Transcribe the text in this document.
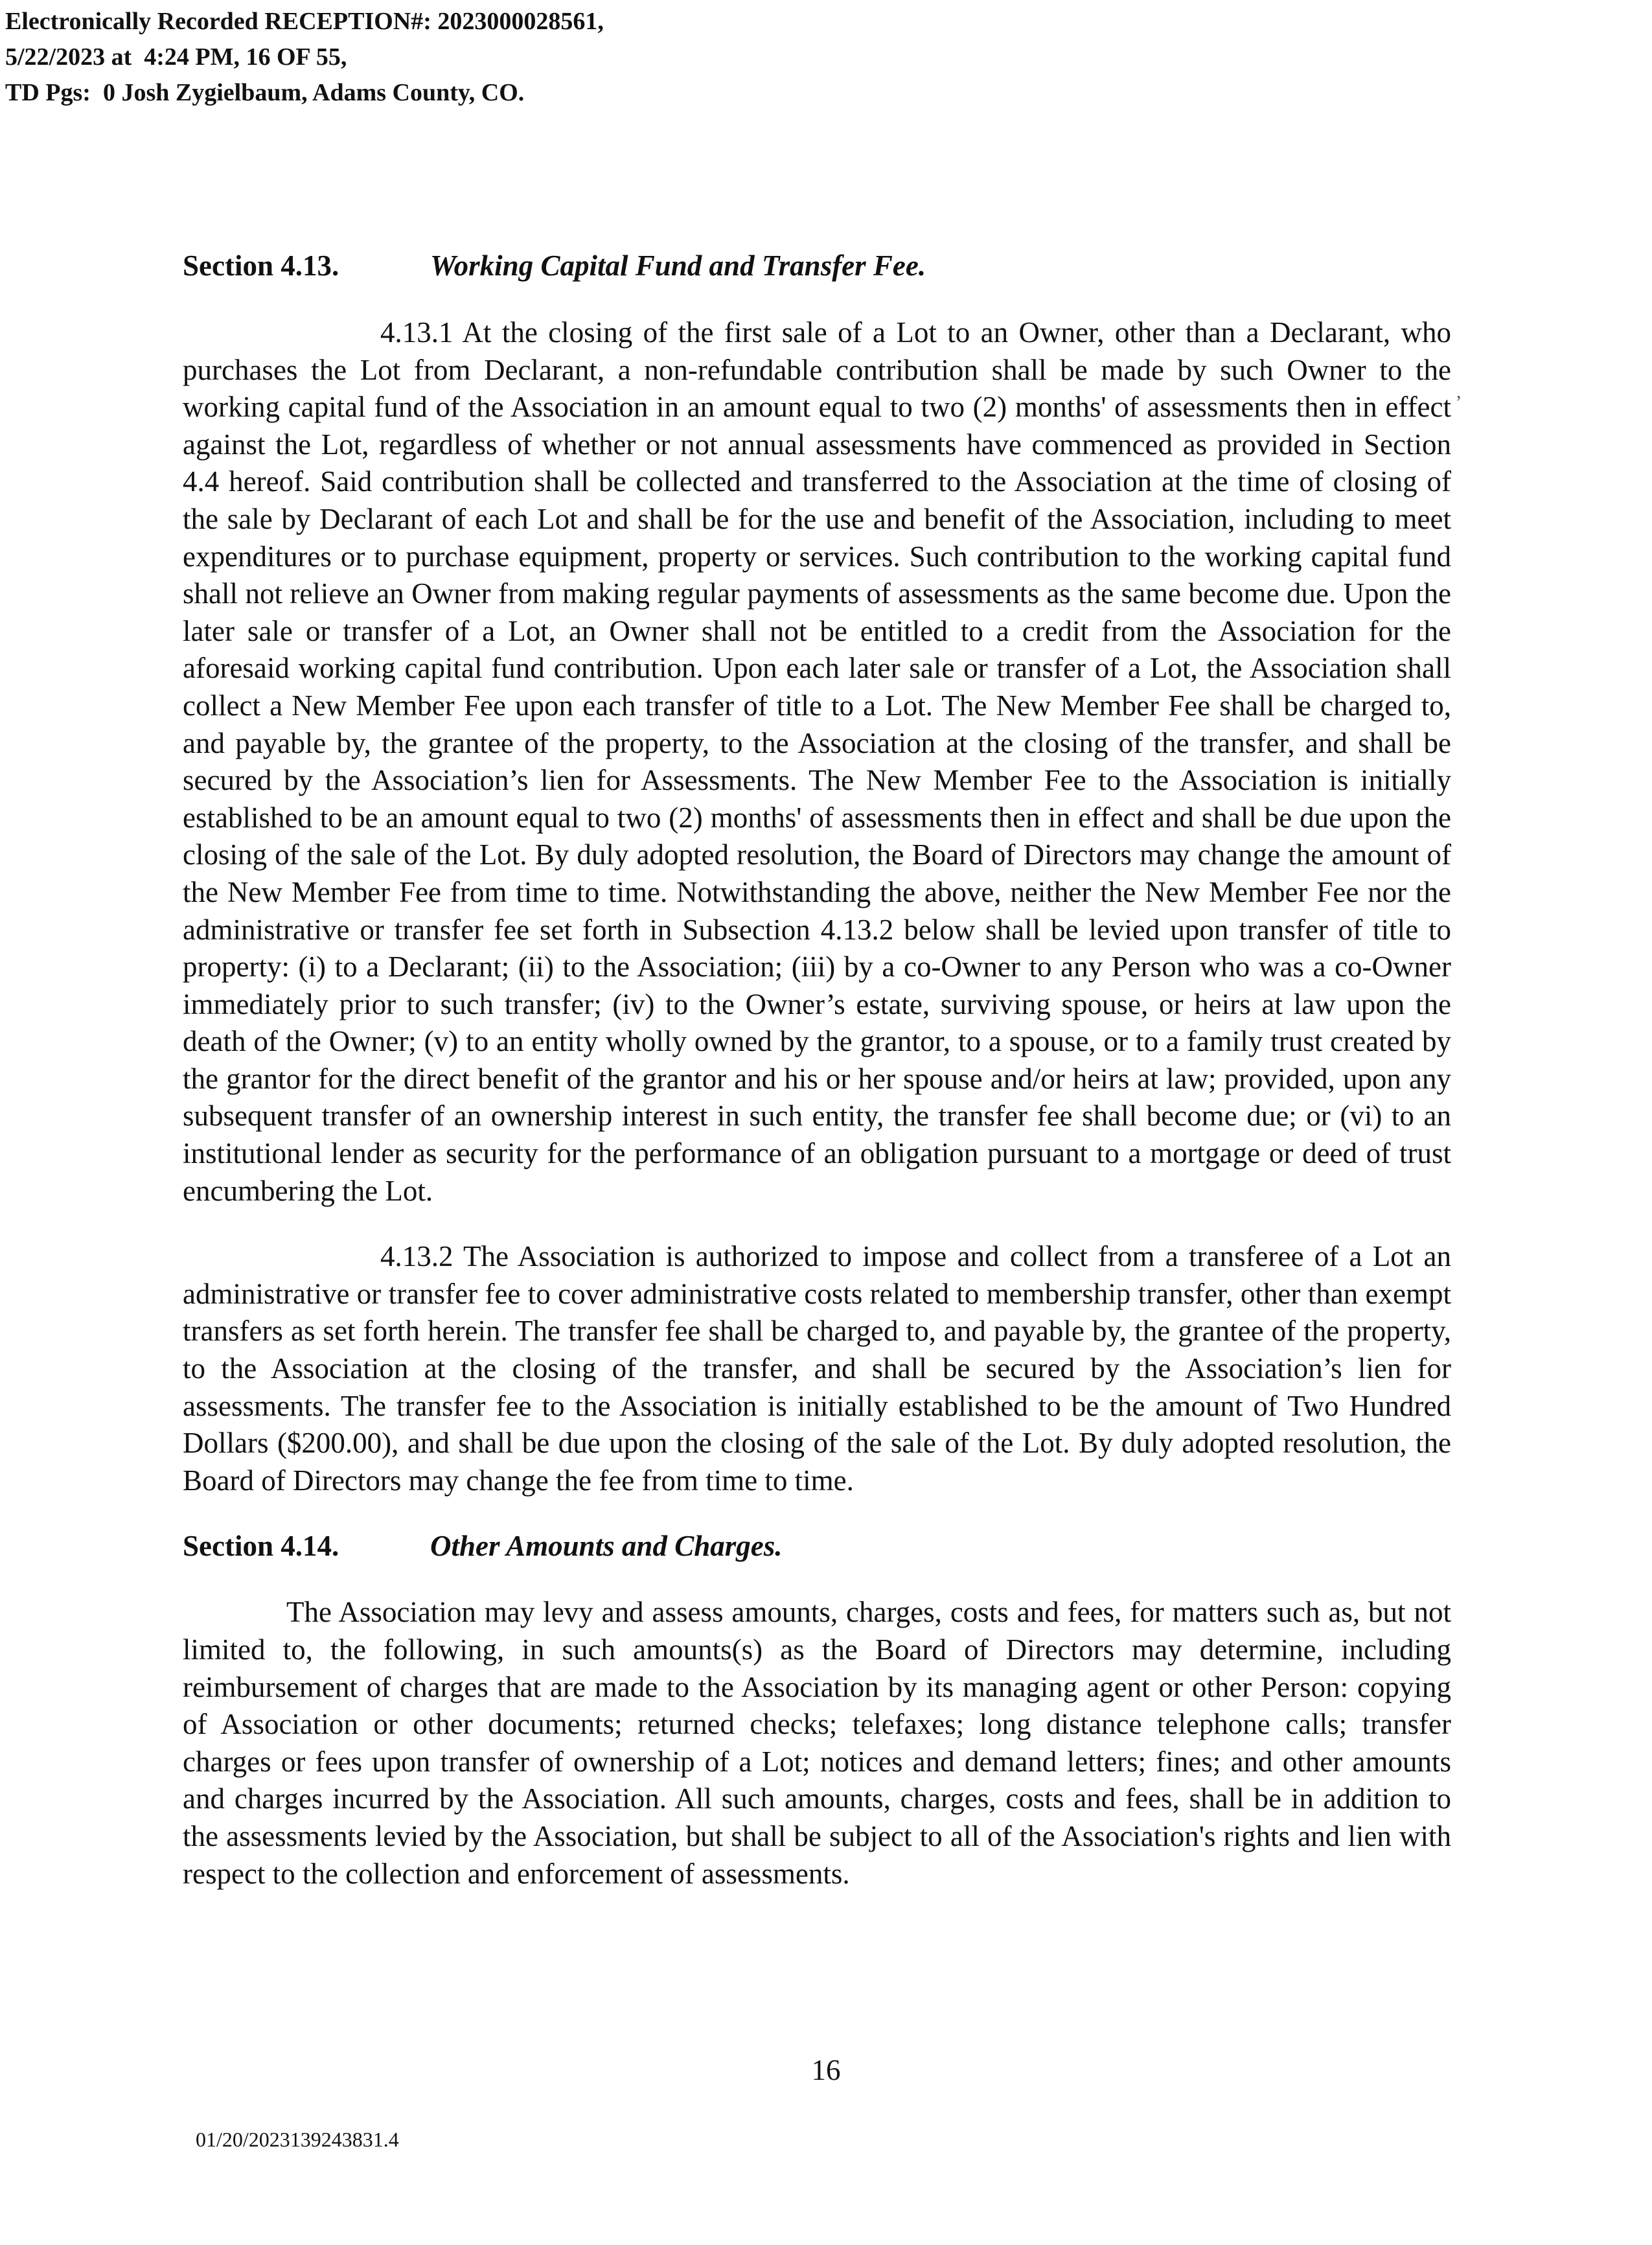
Electronically Recorded RECEPTION#: 2023000028561,
5/22/2023 at  4:24 PM, 16 OF 55,
TD Pgs:  0 Josh Zygielbaum, Adams County, CO.
,
Section 4.13.	Working Capital Fund and Transfer Fee.

4.13.1 At the closing of the first sale of a Lot to an Owner, other than a Declarant, who purchases the Lot from Declarant, a non-refundable contribution shall be made by such Owner to the working capital fund of the Association in an amount equal to two (2) months' of assessments then in effect against the Lot, regardless of whether or not annual assessments have commenced as provided in Section 4.4 hereof. Said contribution shall be collected and transferred to the Association at the time of closing of the sale by Declarant of each Lot and shall be for the use and benefit of the Association, including to meet expenditures or to purchase equipment, property or services. Such contribution to the working capital fund shall not relieve an Owner from making regular payments of assessments as the same become due. Upon the later sale or transfer of a Lot, an Owner shall not be entitled to a credit from the Association for the aforesaid working capital fund contribution. Upon each later sale or transfer of a Lot, the Association shall collect a New Member Fee upon each transfer of title to a Lot. The New Member Fee shall be charged to, and payable by, the grantee of the property, to the Association at the closing of the transfer, and shall be secured by the Association’s lien for Assessments. The New Member Fee to the Association is initially established to be an amount equal to two (2) months' of assessments then in effect and shall be due upon the closing of the sale of the Lot. By duly adopted resolution, the Board of Directors may change the amount of the New Member Fee from time to time. Notwithstanding the above, neither the New Member Fee nor the administrative or transfer fee set forth in Subsection 4.13.2 below shall be levied upon transfer of title to property: (i) to a Declarant; (ii) to the Association; (iii) by a co-Owner to any Person who was a co-Owner immediately prior to such transfer; (iv) to the Owner’s estate, surviving spouse, or heirs at law upon the death of the Owner; (v) to an entity wholly owned by the grantor, to a spouse, or to a family trust created by the grantor for the direct benefit of the grantor and his or her spouse and/or heirs at law; provided, upon any subsequent transfer of an ownership interest in such entity, the transfer fee shall become due; or (vi) to an institutional lender as security for the performance of an obligation pursuant to a mortgage or deed of trust encumbering the Lot.

4.13.2 The Association is authorized to impose and collect from a transferee of a Lot an administrative or transfer fee to cover administrative costs related to membership transfer, other than exempt transfers as set forth herein. The transfer fee shall be charged to, and payable by, the grantee of the property, to the Association at the closing of the transfer, and shall be secured by the Association’s lien for assessments. The transfer fee to the Association is initially established to be the amount of Two Hundred Dollars ($200.00), and shall be due upon the closing of the sale of the Lot. By duly adopted resolution, the Board of Directors may change the fee from time to time.

Section 4.14.	Other Amounts and Charges.

The Association may levy and assess amounts, charges, costs and fees, for matters such as, but not limited to, the following, in such amounts(s) as the Board of Directors may determine, including reimbursement of charges that are made to the Association by its managing agent or other Person: copying of Association or other documents; returned checks; telefaxes; long distance telephone calls; transfer charges or fees upon transfer of ownership of a Lot; notices and demand letters; fines; and other amounts and charges incurred by the Association. All such amounts, charges, costs and fees, shall be in addition to the assessments levied by the Association, but shall be subject to all of the Association's rights and lien with respect to the collection and enforcement of assessments.

16
01/20/2023139243831.4
